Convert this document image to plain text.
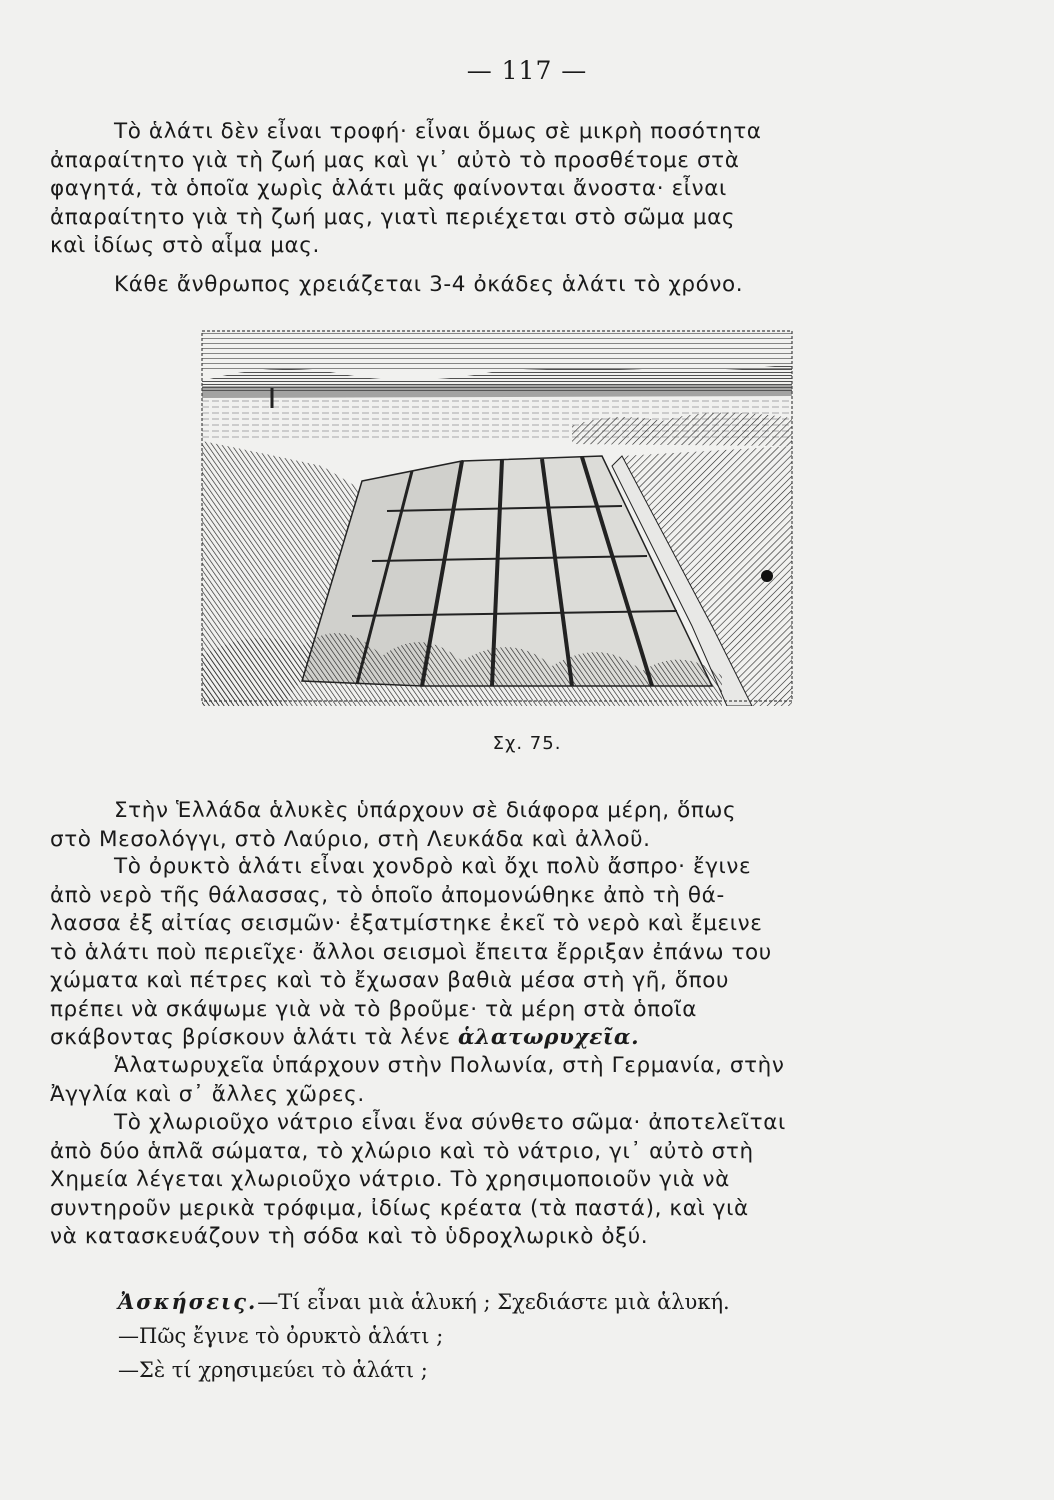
— 117 —

Τὸ ἁλάτι δὲν εἶναι τροφή· εἶναι ὅμως σὲ μικρὴ ποσότητα
ἀπαραίτητο γιὰ τὴ ζωή μας καὶ γι᾿ αὐτὸ τὸ προσθέτομε στὰ
φαγητά, τὰ ὁποῖα χωρὶς ἁλάτι μᾶς φαίνονται ἄνοστα· εἶναι
ἀπαραίτητο γιὰ τὴ ζωή μας, γιατὶ περιέχεται στὸ σῶμα μας
καὶ ἰδίως στὸ αἷμα μας.

Κάθε ἄνθρωπος χρειάζεται 3-4 ὀκάδες ἁλάτι τὸ χρόνο.

Σχ. 75.

Στὴν Ἑλλάδα ἁλυκὲς ὑπάρχουν σὲ διάφορα μέρη, ὅπως
στὸ Μεσολόγγι, στὸ Λαύριο, στὴ Λευκάδα καὶ ἀλλοῦ.

Τὸ ὀρυκτὸ ἁλάτι εἶναι χονδρὸ καὶ ὄχι πολὺ ἄσπρο· ἔγινε
ἀπὸ νερὸ τῆς θάλασσας, τὸ ὁποῖο ἀπομονώθηκε ἀπὸ τὴ θά-
λασσα ἐξ αἰτίας σεισμῶν· ἐξατμίστηκε ἐκεῖ τὸ νερὸ καὶ ἔμεινε
τὸ ἁλάτι ποὺ περιεῖχε· ἄλλοι σεισμοὶ ἔπειτα ἔρριξαν ἐπάνω του
χώματα καὶ πέτρες καὶ τὸ ἔχωσαν βαθιὰ μέσα στὴ γῆ, ὅπου
πρέπει νὰ σκάψωμε γιὰ νὰ τὸ βροῦμε· τὰ μέρη στὰ ὁποῖα
σκάβοντας βρίσκουν ἁλάτι τὰ λένε ἁλατωρυχεῖα.

Ἁλατωρυχεῖα ὑπάρχουν στὴν Πολωνία, στὴ Γερμανία, στὴν
Ἀγγλία καὶ σ᾿ ἄλλες χῶρες.

Τὸ χλωριοῦχο νάτριο εἶναι ἕνα σύνθετο σῶμα· ἀποτελεῖται
ἀπὸ δύο ἁπλᾶ σώματα, τὸ χλώριο καὶ τὸ νάτριο, γι᾿ αὐτὸ στὴ
Χημεία λέγεται χλωριοῦχο νάτριο. Τὸ χρησιμοποιοῦν γιὰ νὰ
συντηροῦν μερικὰ τρόφιμα, ἰδίως κρέατα (τὰ παστά), καὶ γιὰ
νὰ κατασκευάζουν τὴ σόδα καὶ τὸ ὑδροχλωρικὸ ὀξύ.

Ἀσκήσεις.—Τί εἶναι μιὰ ἁλυκή ; Σχεδιάστε μιὰ ἁλυκή.
—Πῶς ἔγινε τὸ ὀρυκτὸ ἁλάτι ;
—Σὲ τί χρησιμεύει τὸ ἁλάτι ;
